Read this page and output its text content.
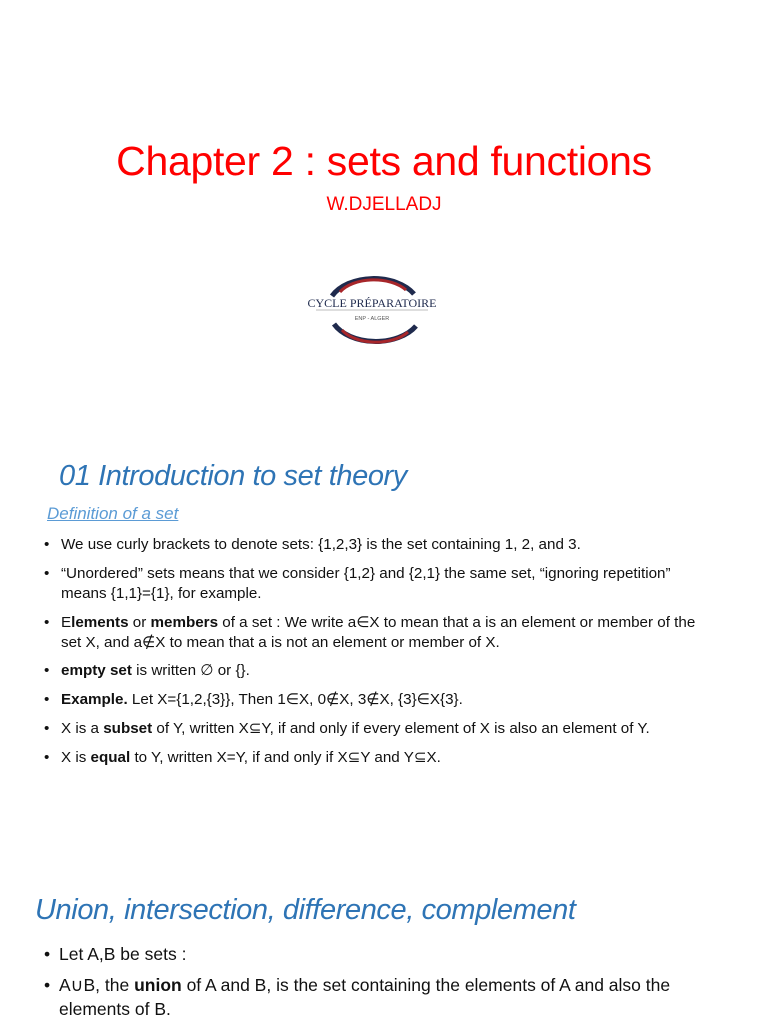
Chapter 2 : sets and functions
W.DJELLADJ
CYCLE PRÉPARATOIRE
ENP - ALGER
01 Introduction to set theory
Definition of a set
• We use curly brackets to denote sets: {1,2,3} is the set containing 1, 2, and 3.
• “Unordered” sets means that we consider {1,2} and {2,1} the same set, “ignoring repetition” means {1,1}={1}, for example.
• Elements or members of a set : We write a∈X to mean that a is an element or member of the set X, and a∉X to mean that a is not an element or member of X.
• empty set is written ∅ or {}.
• Example. Let X={1,2,{3}}, Then 1∈X, 0∉X, 3∉X, {3}∈X{3}.
• X is a subset of Y, written X⊆Y, if and only if every element of X is also an element of Y.
• X is equal to Y, written X=Y, if and only if X⊆Y and Y⊆X.
Union, intersection, difference, complement
• Let A,B be sets :
• A∪B, the union of A and B, is the set containing the elements of A and also the elements of B.
